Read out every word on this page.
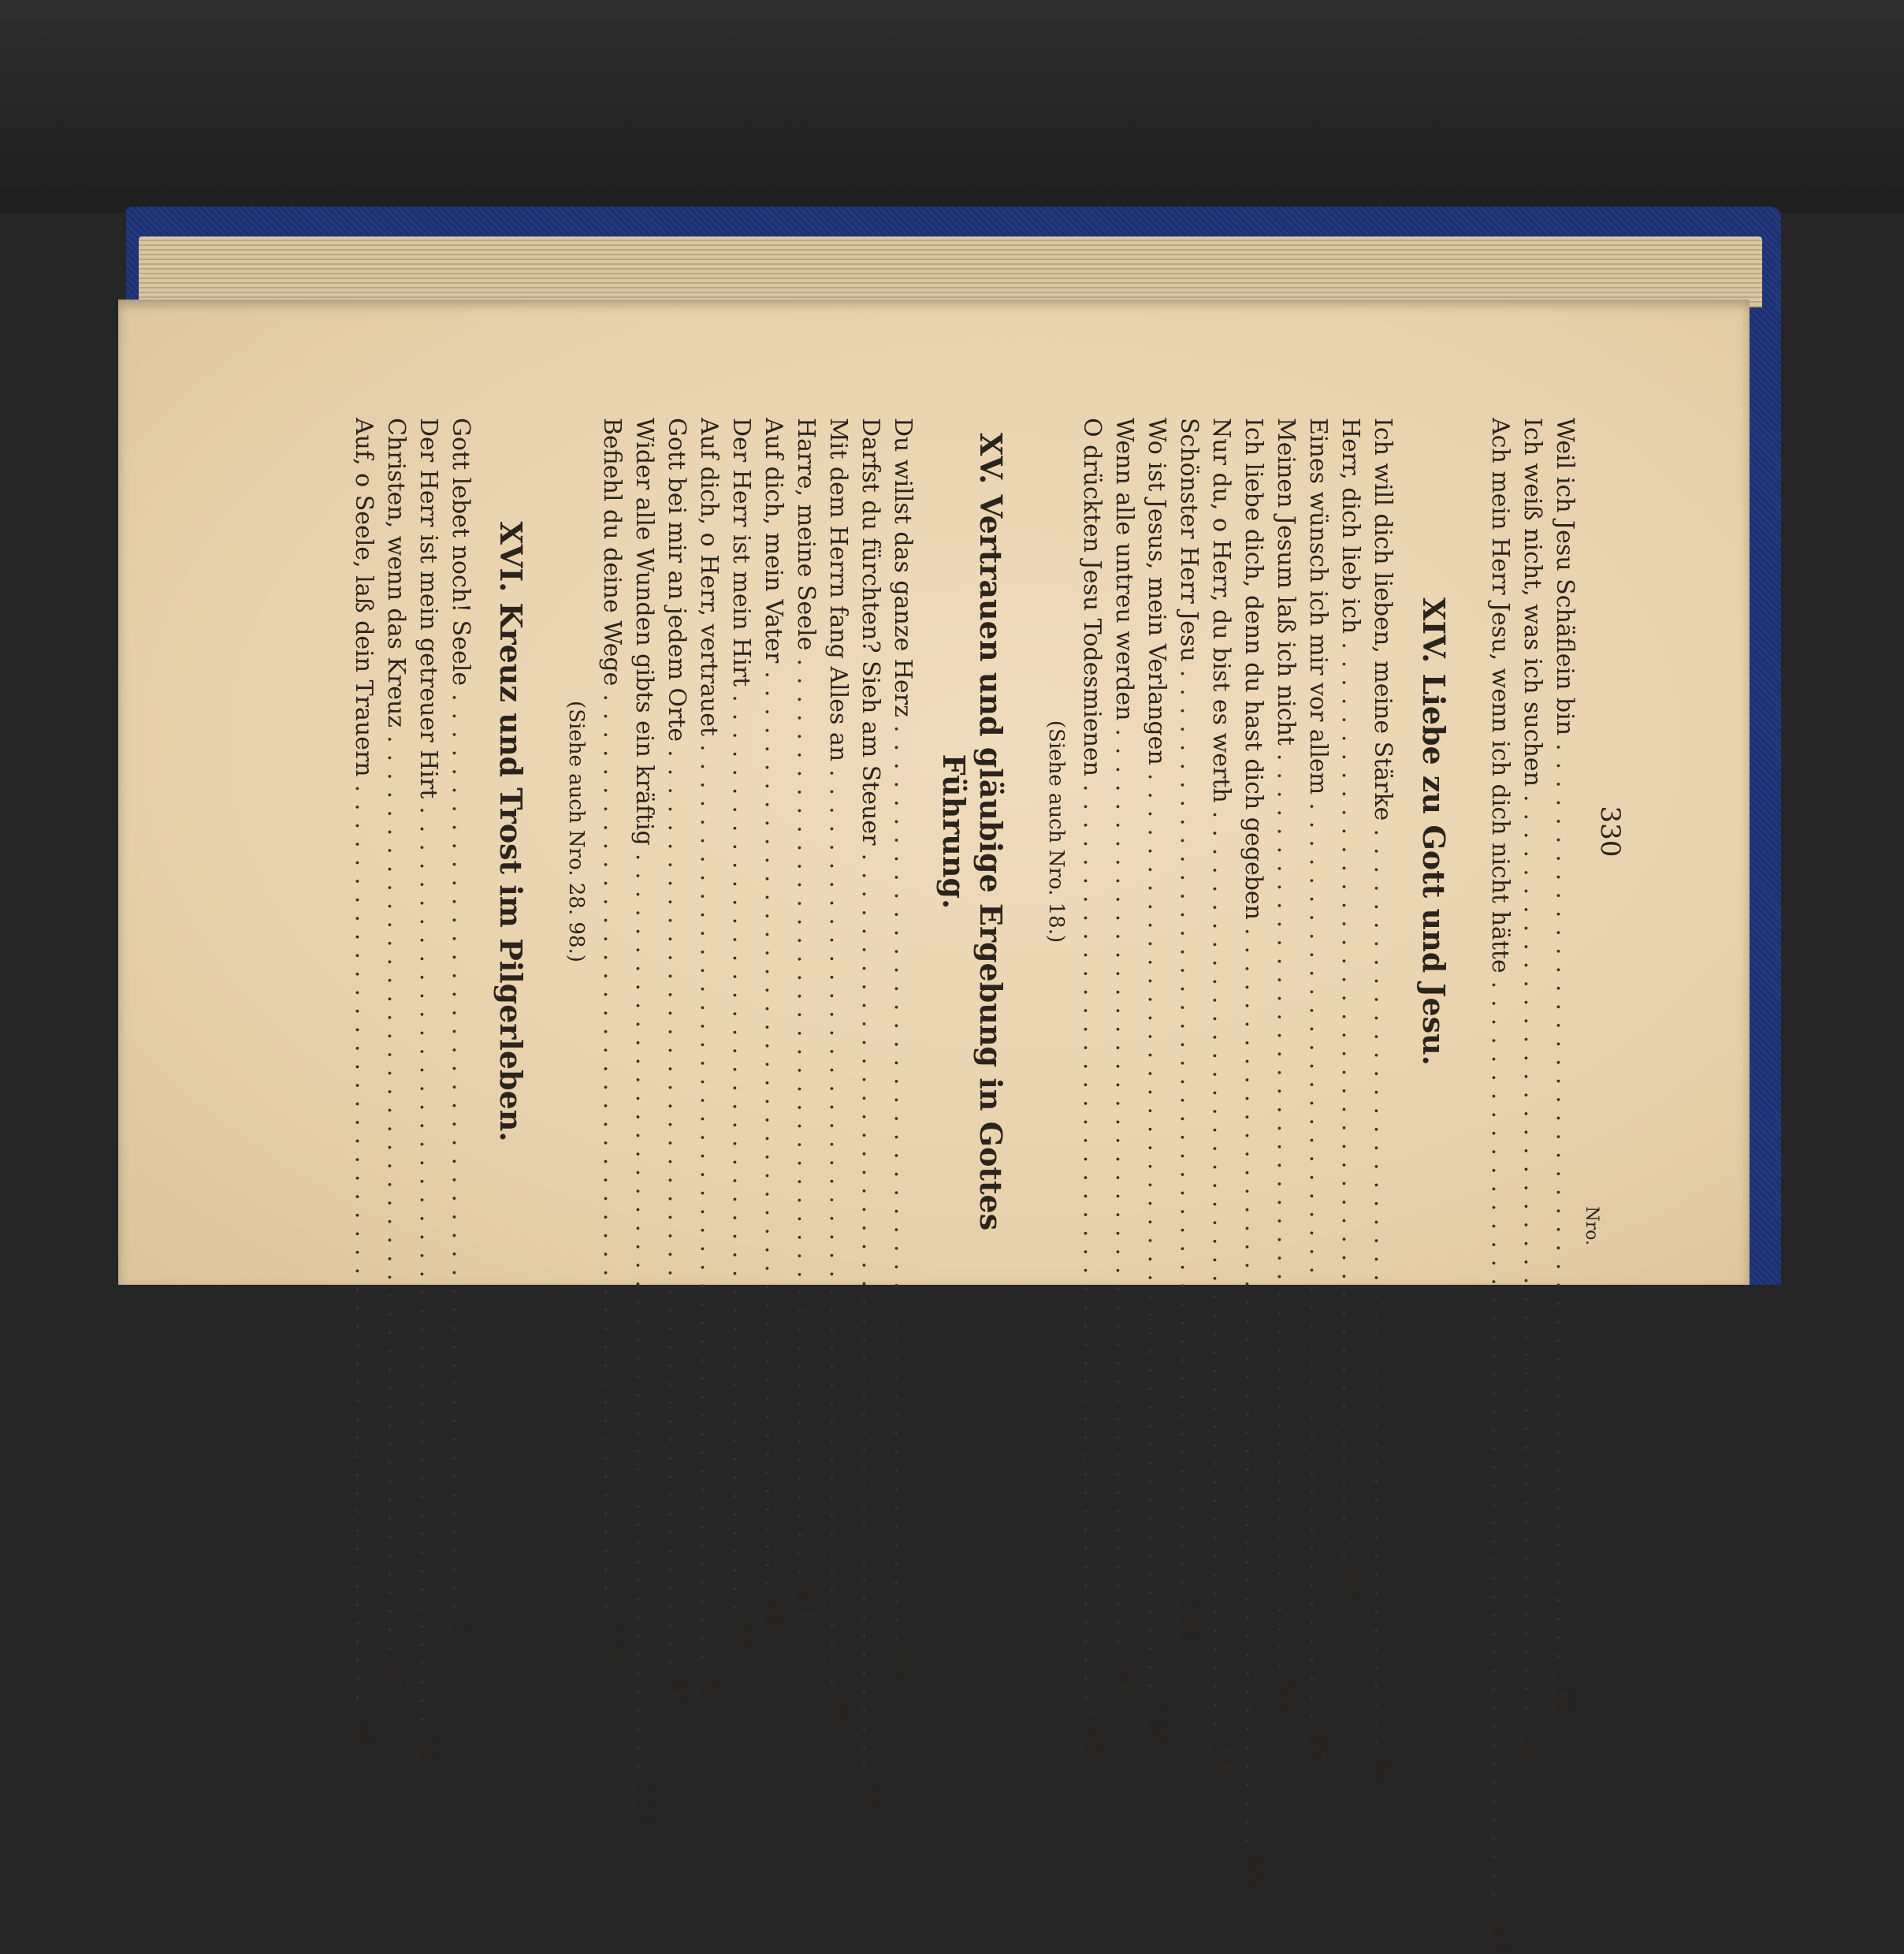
330
Nro.
Weil ich Jesu Schäflein bin
..................................................
108
Ich weiß nicht, was ich suchen
..................................................
126
Ach mein Herr Jesu, wenn ich dich nicht hätte
..................................................
163
XIV. Liebe zu Gott und Jesu.
Ich will dich lieben, meine Stärke
..................................................
20
Herr, dich lieb ich
..................................................
22
Eines wünsch ich mir vor allem
..................................................
26
Meinen Jesum laß ich nicht
..................................................
63
Ich liebe dich, denn du hast dich gegeben
..................................................
86
Nur du, o Herr, du bist es werth
..................................................
110
Schönster Herr Jesu
..................................................
116
Wo ist Jesus, mein Verlangen
..................................................
120
Wenn alle untreu werden
..................................................
143
O drückten Jesu Todesmienen
..................................................
149
(Siehe auch Nro. 18.)
XV. Vertrauen und gläubige Ergebung in Gottes Führung.
Du willst das ganze Herz
..................................................
12
Darfst du fürchten? Sieh am Steuer
..................................................
30
Mit dem Herrn fang Alles an
..................................................
35
Harre, meine Seele
..................................................
41
Auf dich, mein Vater
..................................................
49
Der Herr ist mein Hirt
..................................................
61
Auf dich, o Herr, vertrauet
..................................................
73
Gott bei mir an jedem Orte
..................................................
91
Wider alle Wunden gibts ein kräftig
..................................................
112
Befiehl du deine Wege
..................................................
137
(Siehe auch Nro. 28. 98.)
XVI. Kreuz und Trost im Pilgerleben.
Gott lebet noch! Seele
..................................................
3
Der Herr ist mein getreuer Hirt
..................................................
28
Christen, wenn das Kreuz
..................................................
37
Auf, o Seele, laß dein Trauern
..................................................
38
